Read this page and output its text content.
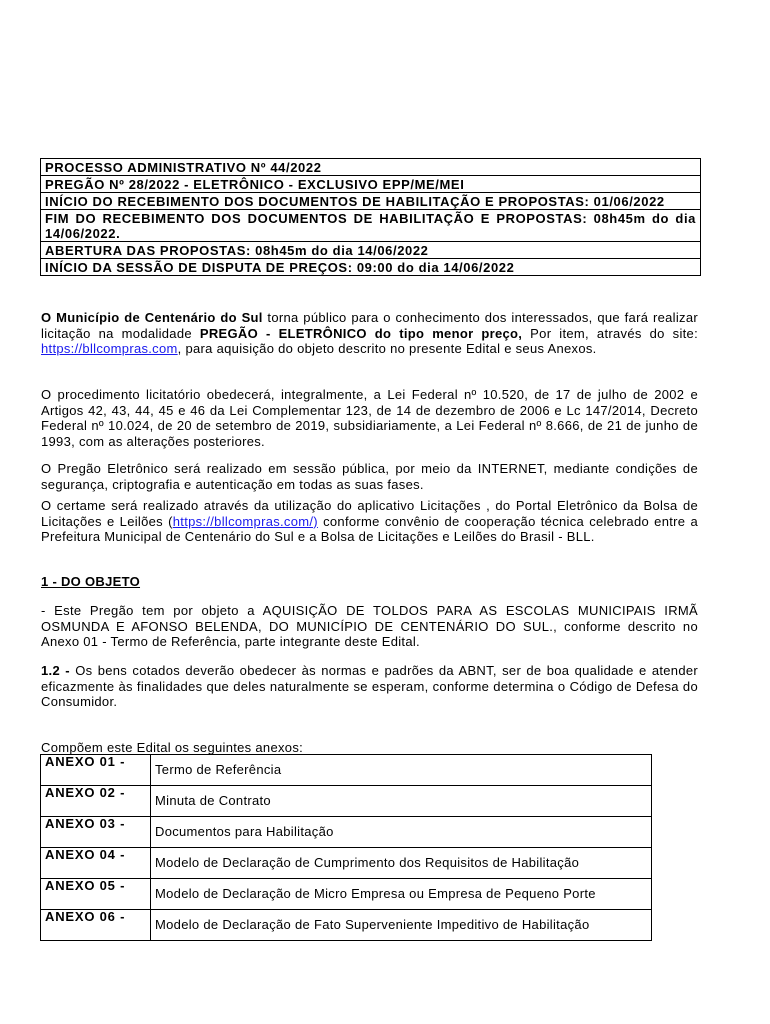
PROCESSO ADMINISTRATIVO Nº 44/2022
PREGÃO Nº 28/2022 ‑ ELETRÔNICO ‑ EXCLUSIVO EPP/ME/MEI
INÍCIO DO RECEBIMENTO DOS DOCUMENTOS DE HABILITAÇÃO E PROPOSTAS: 01/06/2022
FIM DO RECEBIMENTO DOS DOCUMENTOS DE HABILITAÇÃO E PROPOSTAS: 08h45m do dia 14/06/2022.
ABERTURA DAS PROPOSTAS: 08h45m do dia 14/06/2022
INÍCIO DA SESSÃO DE DISPUTA DE PREÇOS: 09:00 do dia 14/06/2022
O Município de Centenário do Sul torna público para o conhecimento dos interessados, que fará realizar licitação na modalidade PREGÃO ‑ ELETRÔNICO do tipo menor preço, Por item, através do site: https://bllcompras.com, para aquisição do objeto descrito no presente Edital e seus Anexos.
O procedimento licitatório obedecerá, integralmente, a Lei Federal nº 10.520, de 17 de julho de 2002 e Artigos 42, 43, 44, 45 e 46 da Lei Complementar 123, de 14 de dezembro de 2006 e Lc 147/2014, Decreto Federal nº 10.024, de 20 de setembro de 2019, subsidiariamente, a Lei Federal nº 8.666, de 21 de junho de 1993, com as alterações posteriores.
O Pregão Eletrônico será realizado em sessão pública, por meio da INTERNET, mediante condições de segurança, criptografia e autenticação em todas as suas fases.
O certame será realizado através da utilização do aplicativo Licitações , do Portal Eletrônico da Bolsa de Licitações e Leilões (https://bllcompras.com/) conforme convênio de cooperação técnica celebrado entre a Prefeitura Municipal de Centenário do Sul e a Bolsa de Licitações e Leilões do Brasil - BLL.
1 - DO OBJETO
- Este Pregão tem por objeto a AQUISIÇÃO DE TOLDOS PARA AS ESCOLAS MUNICIPAIS IRMÃ OSMUNDA E AFONSO BELENDA, DO MUNICÍPIO DE CENTENÁRIO DO SUL., conforme descrito no Anexo 01 - Termo de Referência, parte integrante deste Edital.
1.2 - Os bens cotados deverão obedecer às normas e padrões da ABNT, ser de boa qualidade e atender eficazmente às finalidades que deles naturalmente se esperam, conforme determina o Código de Defesa do Consumidor.
Compõem este Edital os seguintes anexos:
ANEXO 01 -	Termo de Referência
ANEXO 02 -	Minuta de Contrato
ANEXO 03 -	Documentos para Habilitação
ANEXO 04 -	Modelo de Declaração de Cumprimento dos Requisitos de Habilitação
ANEXO 05 -	Modelo de Declaração de Micro Empresa ou Empresa de Pequeno Porte
ANEXO 06 -	Modelo de Declaração de Fato Superveniente Impeditivo de Habilitação
